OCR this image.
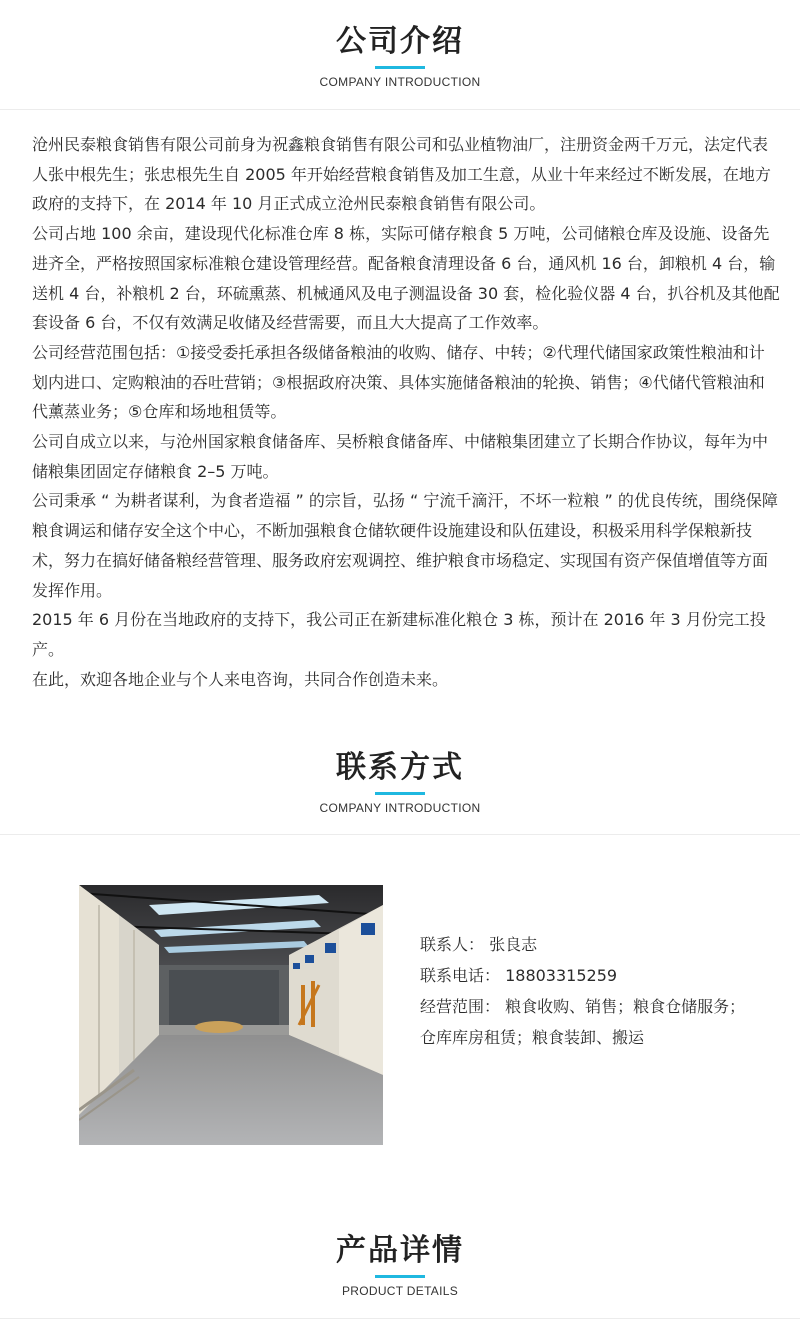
公司介绍
COMPANY INTRODUCTION

沧州民泰粮食销售有限公司前身为祝鑫粮食销售有限公司和弘业植物油厂，注册资金两千万元，法定代表人张中根先生；张忠根先生自 2005 年开始经营粮食销售及加工生意，从业十年来经过不断发展，在地方政府的支持下，在 2014 年 10 月正式成立沧州民泰粮食销售有限公司。

公司占地 100 余亩，建设现代化标准仓库 8 栋，实际可储存粮食 5 万吨，公司储粮仓库及设施、设备先进齐全，严格按照国家标准粮仓建设管理经营。配备粮食清理设备 6 台，通风机 16 台，卸粮机 4 台，输送机 4 台，补粮机 2 台，环硫熏蒸、机械通风及电子测温设备 30 套，检化验仪器 4 台，扒谷机及其他配套设备 6 台，不仅有效满足收储及经营需要，而且大大提高了工作效率。

公司经营范围包括：①接受委托承担各级储备粮油的收购、储存、中转；②代理代储国家政策性粮油和计划内进口、定购粮油的吞吐营销；③根据政府决策、具体实施储备粮油的轮换、销售；④代储代管粮油和代薰蒸业务；⑤仓库和场地租赁等。

公司自成立以来，与沧州国家粮食储备库、吴桥粮食储备库、中储粮集团建立了长期合作协议，每年为中储粮集团固定存储粮食 2–5 万吨。

公司秉承 “ 为耕者谋利，为食者造福 ” 的宗旨，弘扬 “ 宁流千滴汗，不坏一粒粮 ” 的优良传统，围绕保障粮食调运和储存安全这个中心，不断加强粮食仓储软硬件设施建设和队伍建设，积极采用科学保粮新技术，努力在搞好储备粮经营管理、服务政府宏观调控、维护粮食市场稳定、实现国有资产保值增值等方面发挥作用。

2015 年 6 月份在当地政府的支持下，我公司正在新建标准化粮仓 3 栋，预计在 2016 年 3 月份完工投产。

在此，欢迎各地企业与个人来电咨询，共同合作创造未来。

联系方式
COMPANY INTRODUCTION
联系人： 张良志
联系电话： 18803315259
经营范围： 粮食收购、销售；粮食仓储服务；
仓库库房租赁；粮食装卸、搬运
产品详情
PRODUCT DETAILS
